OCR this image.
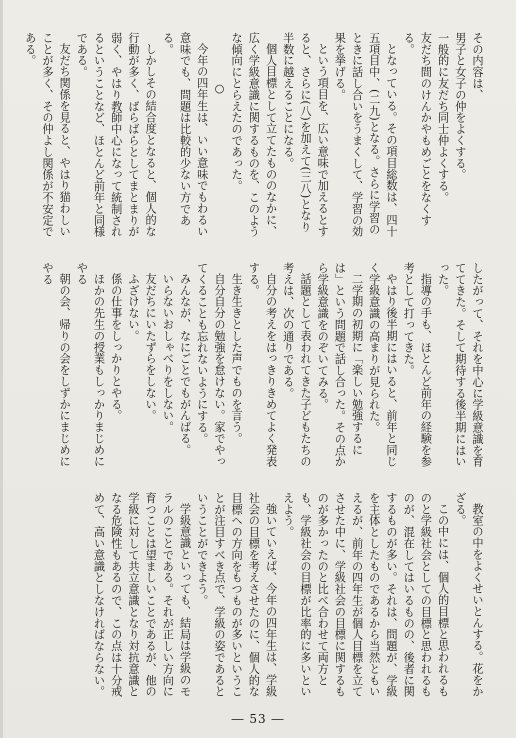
その内容は、

男子と女子の仲をよくする。

一般的に友だち同士仲よくする。

友だち間のけんかやもめごとをなくする。

となっている。その項目総数は、四十五項目中、(二九)となる。さらに学習のときに話し合いをうまくして、学習の効果を挙げる。

という項目を、広い意味で加えるとすると、さらに(八)を加えて(三八)となり半数に越えることになる。

個人目標として立てたもののなかに、広く学級意識に関するものを、このような傾向にとらえたのであった。

○

今年の四年生は、いい意味でもわるい意味でも、問題は比較的少ない方である。

しかしその結合度となると、個人的な行動が多く、ばらばらとしてまとまりが弱く、やはり教師中心になって統制されるということなど、ほとんど前年と同様である。

友だち関係を見ると、やはり猫わしいことが多く、その仲よし関係が不安定である。

したがって、それを中心に学級意識を育ててきた。そして期待する後半期にはいった。

指導の手も、ほとんど前年の経験を参考として打ってきた。

やはり後半期にはいると、前年と同じく学級意識の高まりが見られた。

二学期の初期に「楽しい勉強するには」という問題で話し合った。その点から学級意識をのぞいてみる。

話題として表われてきた子どもたちの考えは、次の通りである。

自分の考えをはっきりきめてよく発表する。

生き生きとした声でものを言う。

自分自分の勉強を怠けない。家でやってくることも忘れないようにする。

みんなが、なにごとでもがんばる。

いらないおしゃべりをしない。

友だちにいたずらをしない。

ふざけない。

係の仕事をしっかりとやる。

ほかの先生の授業もしっかりまじめにやる

朝の会、帰りの会をしずかにまじめにやる

教室の中をよくせいとんする。花をかざる。

この中には、個人的目標と思われるものと学級社会としての目標と思われるものが、混在してはいるものの、後者に関するものが多い。それは、問題が、学級を主体としたものであるから当然ともいえるが、前年の四年生が個人目標を立てさせた中に、学級社会の目標に関するものが多かったのと比べ合わせて両方とも、学級社会の目標が比率的に多いといえよう。

強いていえば、今年の四年生は、学級社会の目標を考えさせたのに、個人的な目標への方向をもつものが多いということが注目すべき点で、学級の姿であるということができよう。

学級意識といっても、結局は学級のモラルのことである。それが正しい方向に育つことは望ましいことであるが、他の学級に対して共立意識となり対抗意識となる危険性もあるので、この点は十分戒めて、高い意識としなければならない。

― 53 ―
